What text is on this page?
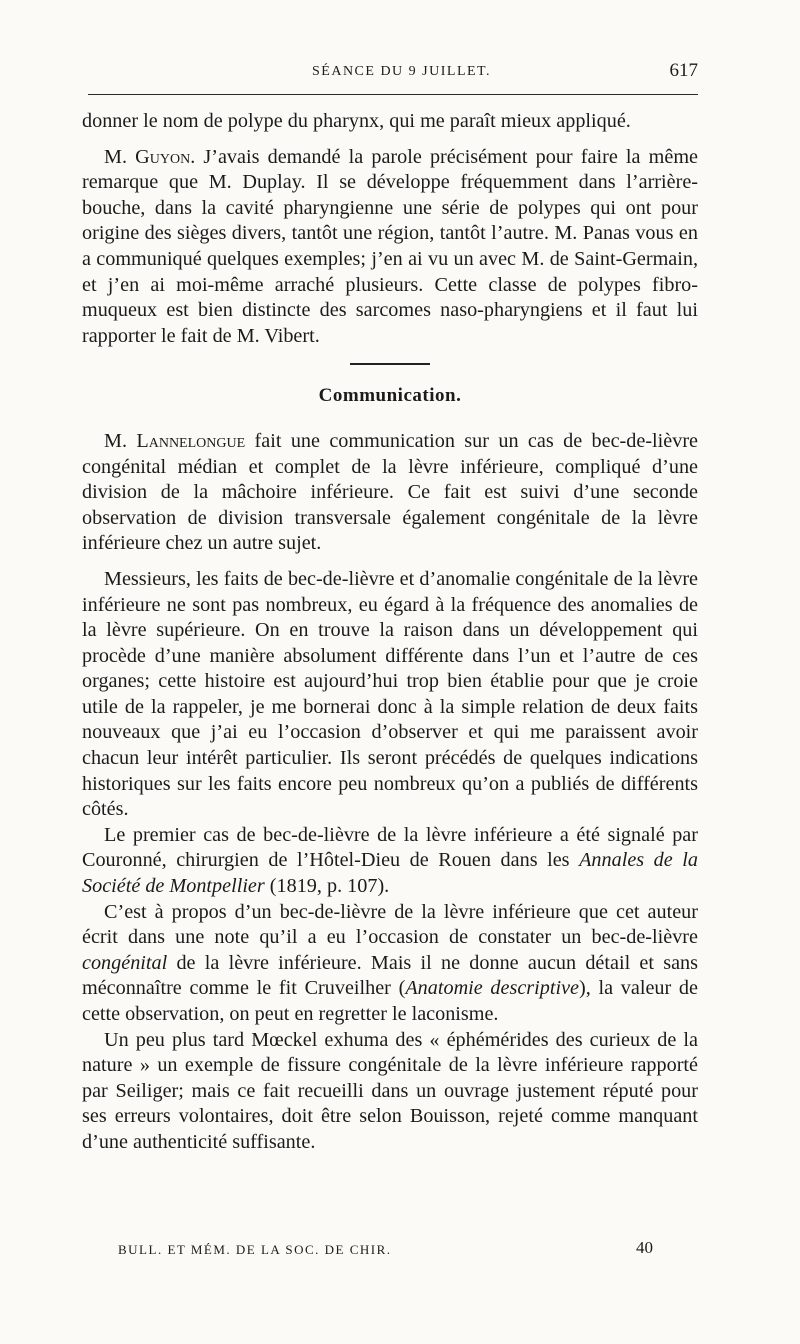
SÉANCE DU 9 JUILLET.	617

donner le nom de polype du pharynx, qui me paraît mieux appliqué.

M. Guyon. J’avais demandé la parole précisément pour faire la même remarque que M. Duplay. Il se développe fréquemment dans l’arrière-bouche, dans la cavité pharyngienne une série de polypes qui ont pour origine des sièges divers, tantôt une région, tantôt l’autre. M. Panas vous en a communiqué quelques exemples; j’en ai vu un avec M. de Saint-Germain, et j’en ai moi-même arraché plusieurs. Cette classe de polypes fibro-muqueux est bien distincte des sarcomes naso-pharyngiens et il faut lui rapporter le fait de M. Vibert.

Communication.

M. Lannelongue fait une communication sur un cas de bec-de-lièvre congénital médian et complet de la lèvre inférieure, compliqué d’une division de la mâchoire inférieure. Ce fait est suivi d’une seconde observation de division transversale également congénitale de la lèvre inférieure chez un autre sujet.

Messieurs, les faits de bec-de-lièvre et d’anomalie congénitale de la lèvre inférieure ne sont pas nombreux, eu égard à la fréquence des anomalies de la lèvre supérieure. On en trouve la raison dans un développement qui procède d’une manière absolument différente dans l’un et l’autre de ces organes; cette histoire est aujourd’hui trop bien établie pour que je croie utile de la rappeler, je me bornerai donc à la simple relation de deux faits nouveaux que j’ai eu l’occasion d’observer et qui me paraissent avoir chacun leur intérêt particulier. Ils seront précédés de quelques indications historiques sur les faits encore peu nombreux qu’on a publiés de différents côtés.

Le premier cas de bec-de-lièvre de la lèvre inférieure a été signalé par Couronné, chirurgien de l’Hôtel-Dieu de Rouen dans les Annales de la Société de Montpellier (1819, p. 107).

C’est à propos d’un bec-de-lièvre de la lèvre inférieure que cet auteur écrit dans une note qu’il a eu l’occasion de constater un bec-de-lièvre congénital de la lèvre inférieure. Mais il ne donne aucun détail et sans méconnaître comme le fit Cruveilher (Anatomie descriptive), la valeur de cette observation, on peut en regretter le laconisme.

Un peu plus tard Mœckel exhuma des « éphémérides des curieux de la nature » un exemple de fissure congénitale de la lèvre inférieure rapporté par Seiliger; mais ce fait recueilli dans un ouvrage justement réputé pour ses erreurs volontaires, doit être selon Bouisson, rejeté comme manquant d’une authenticité suffisante.

BULL. ET MÉM. DE LA SOC. DE CHIR.	40
